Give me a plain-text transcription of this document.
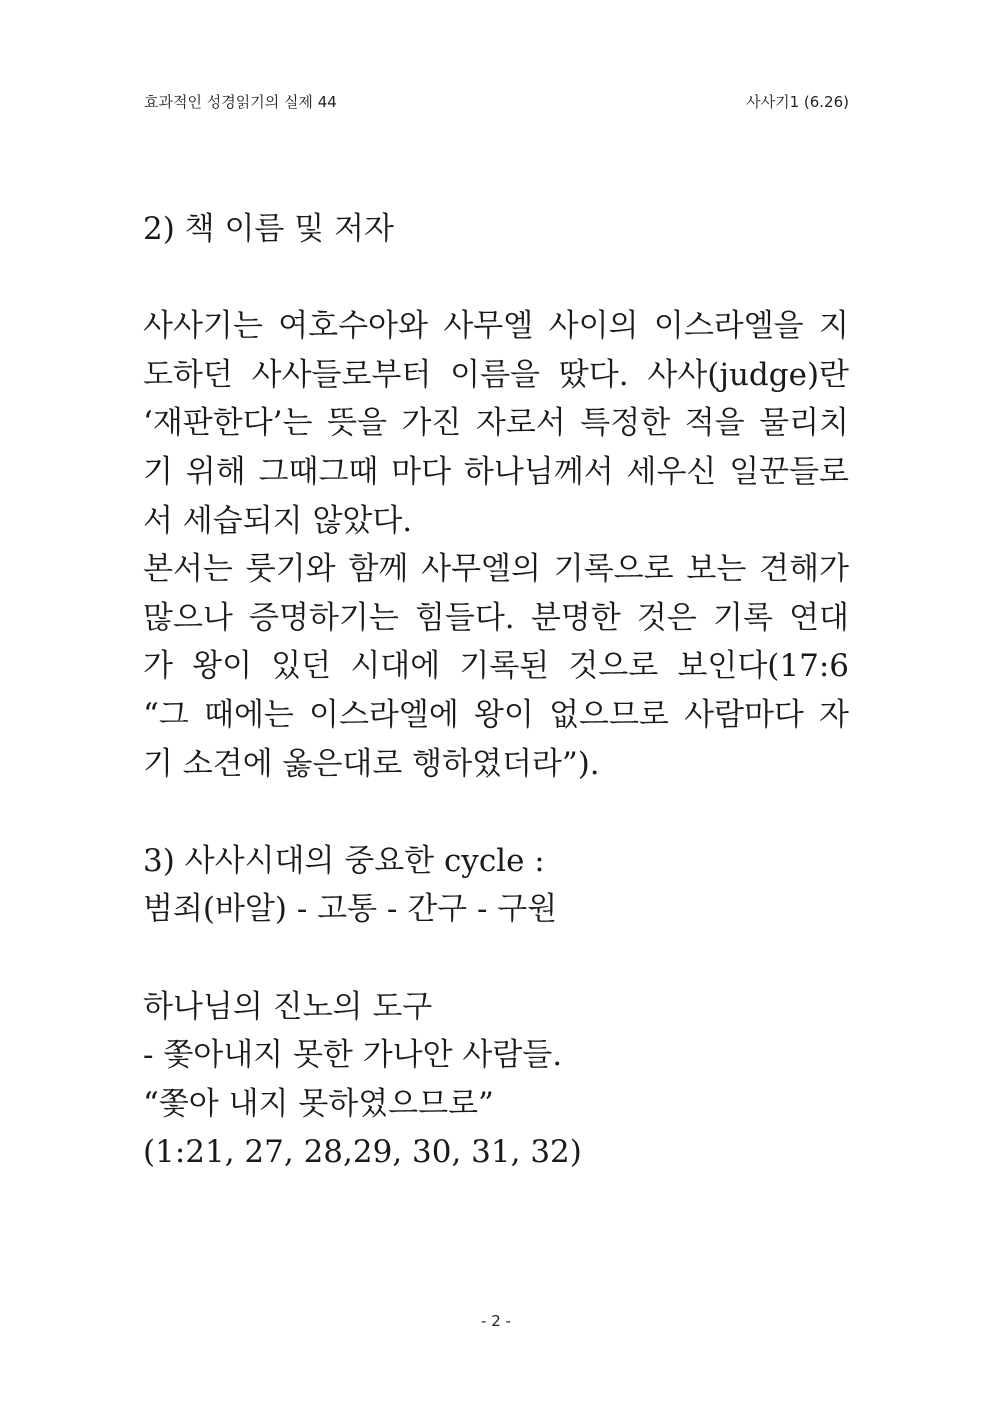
효과적인 성경읽기의 실제 44	사사기1 (6.26)
2) 책 이름 및 저자
사사기는 여호수아와 사무엘 사이의 이스라엘을 지
도하던 사사들로부터 이름을 땄다. 사사(judge)란
‘재판한다’는 뜻을 가진 자로서 특정한 적을 물리치
기 위해 그때그때 마다 하나님께서 세우신 일꾼들로
서 세습되지 않았다.
본서는 룻기와 함께 사무엘의 기록으로 보는 견해가
많으나 증명하기는 힘들다. 분명한 것은 기록 연대
가 왕이 있던 시대에 기록된 것으로 보인다(17:6
“그 때에는 이스라엘에 왕이 없으므로 사람마다 자
기 소견에 옳은대로 행하였더라”).
3) 사사시대의 중요한 cycle :
범죄(바알) - 고통 - 간구 - 구원
하나님의 진노의 도구
- 쫓아내지 못한 가나안 사람들.
“쫓아 내지 못하였으므로”
(1:21, 27, 28,29, 30, 31, 32)
- 2 -
